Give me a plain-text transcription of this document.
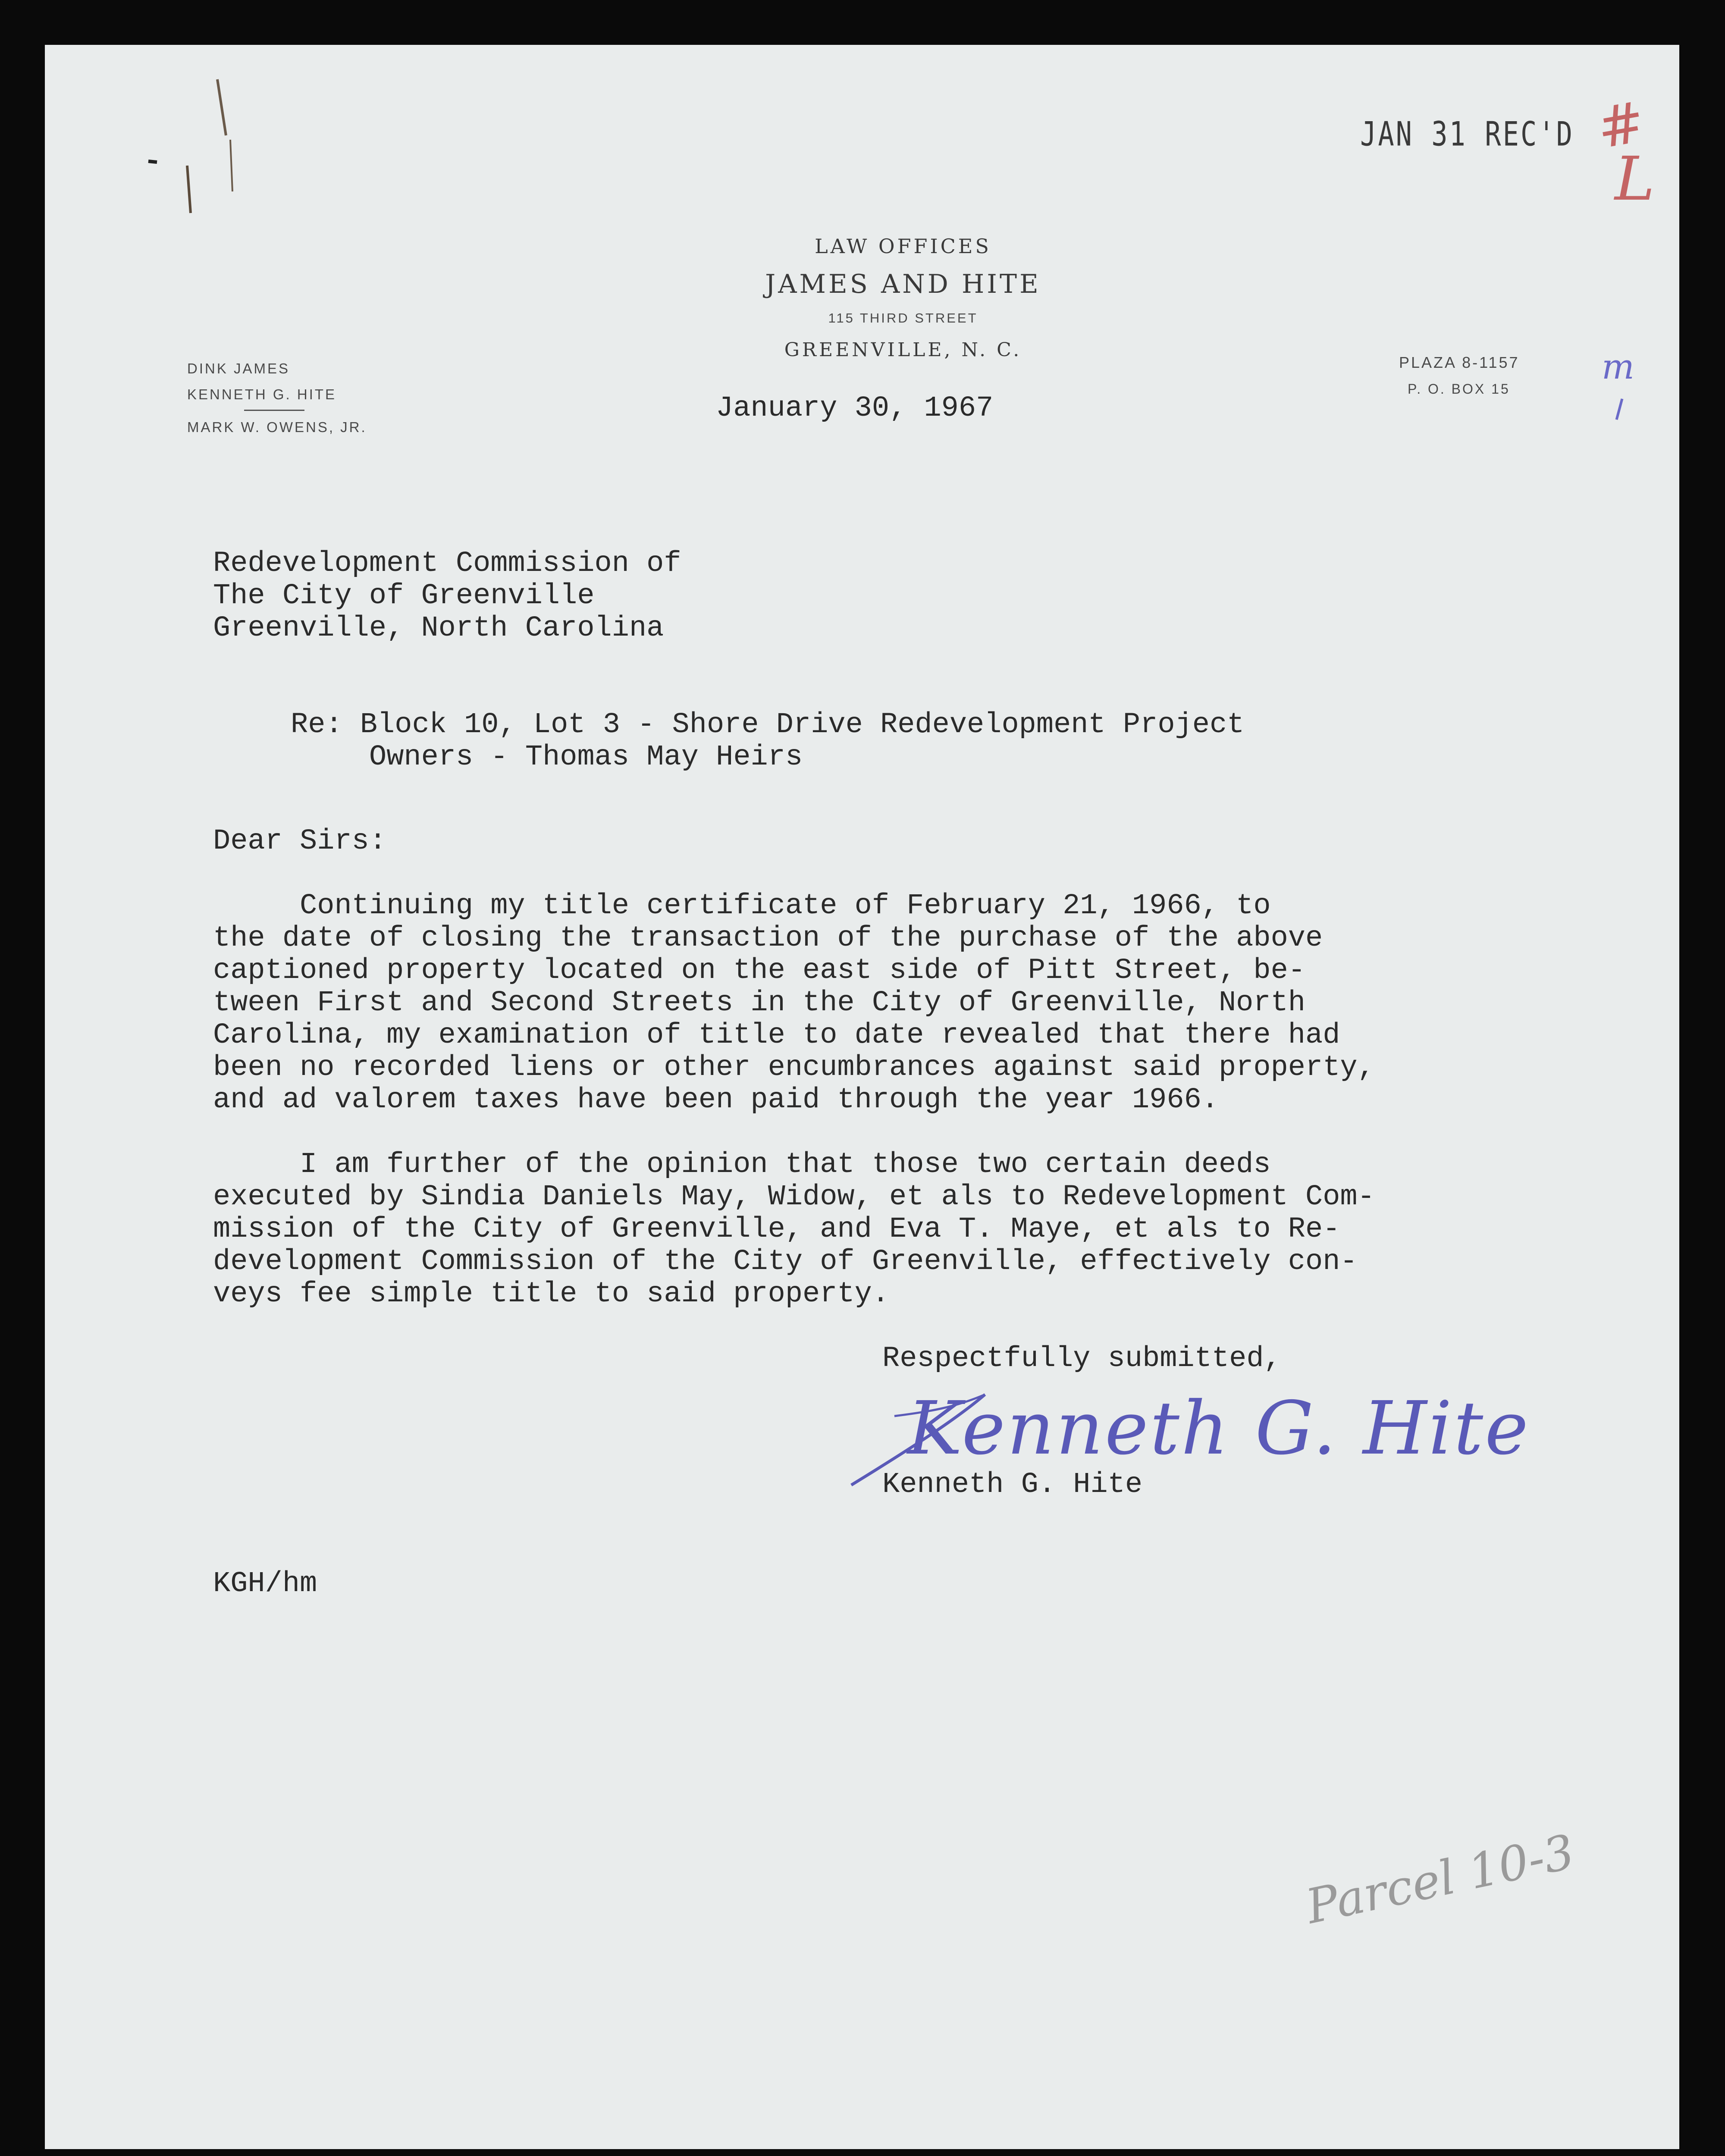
JAN 31 REC'D #
L
LAW OFFICES
JAMES AND HITE
115 THIRD STREET
GREENVILLE, N. C.
DINK JAMES
KENNETH G. HITE
MARK W. OWENS, JR.
PLAZA 8-1157
P. O. BOX 15
m
January 30, 1967
Redevelopment Commission of
The City of Greenville
Greenville, North Carolina
Re: Block 10, Lot 3 - Shore Drive Redevelopment Project
Owners - Thomas May Heirs
Dear Sirs:
Continuing my title certificate of February 21, 1966, to
the date of closing the transaction of the purchase of the above
captioned property located on the east side of Pitt Street, be-
tween First and Second Streets in the City of Greenville, North
Carolina, my examination of title to date revealed that there had
been no recorded liens or other encumbrances against said property,
and ad valorem taxes have been paid through the year 1966.
I am further of the opinion that those two certain deeds
executed by Sindia Daniels May, Widow, et als to Redevelopment Com-
mission of the City of Greenville, and Eva T. Maye, et als to Re-
development Commission of the City of Greenville, effectively con-
veys fee simple title to said property.
Respectfully submitted,
Kenneth G. Hite
Kenneth G. Hite
KGH/hm
Parcel 10-3
